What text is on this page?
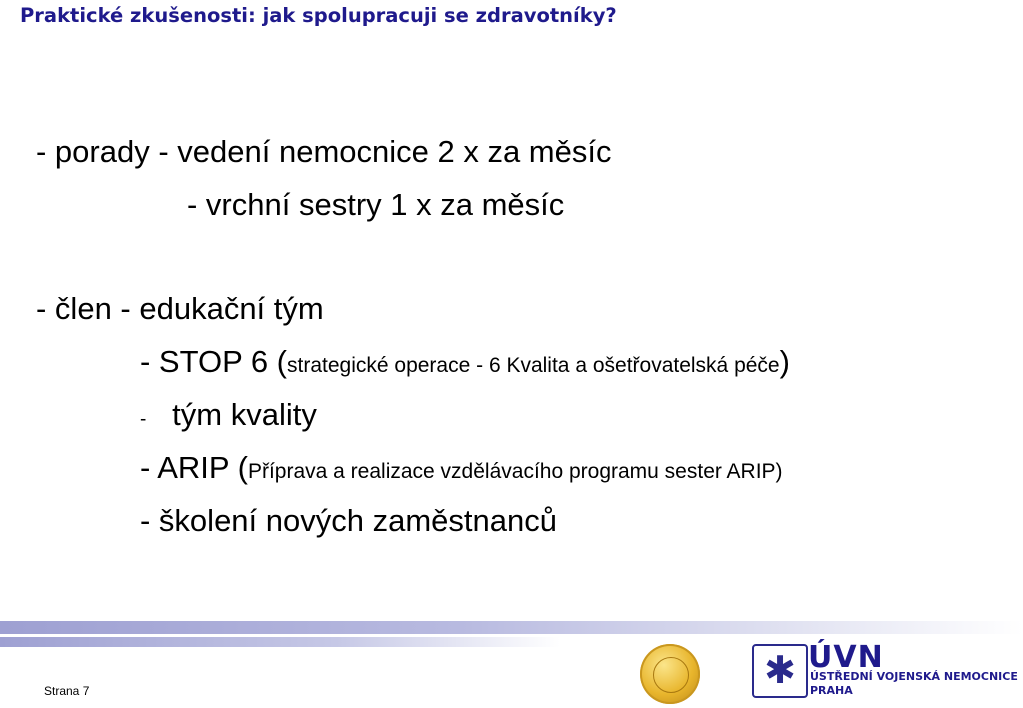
Praktické zkušenosti: jak spolupracuji se zdravotníky?
- porady - vedení nemocnice 2 x za měsíc
- vrchní sestry 1 x za měsíc
- člen - edukační tým
- STOP 6 (strategické operace - 6 Kvalita a ošetřovatelská péče)
- tým kvality
- ARIP (Příprava a realizace vzdělávacího programu sester ARIP)
- školení nových zaměstnanců
Strana 7	✱ ÚVN
ÚSTŘEDNÍ VOJENSKÁ NEMOCNICE
PRAHA
